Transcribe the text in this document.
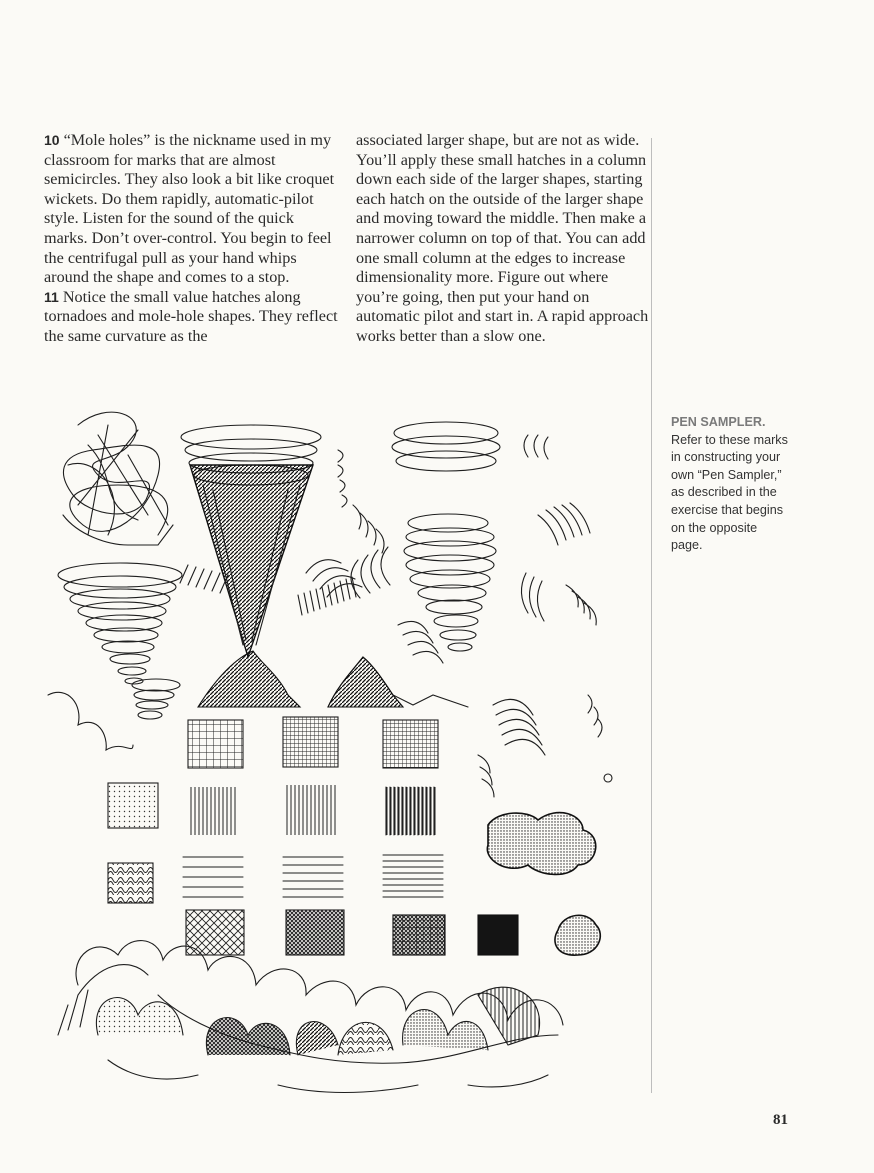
10 “Mole holes” is the nickname used in my classroom for marks that are almost semicircles. They also look a bit like croquet wickets. Do them rapidly, automatic-pilot style. Listen for the sound of the quick marks. Don’t over-control. You begin to feel the centrifugal pull as your hand whips around the shape and comes to a stop.

11 Notice the small value hatches along tornadoes and mole-hole shapes. They reflect the same curvature as the

associated larger shape, but are not as wide. You’ll apply these small hatches in a column down each side of the larger shapes, starting each hatch on the outside of the larger shape and moving toward the middle. Then make a narrower column on top of that. You can add one small column at the edges to increase dimensionality more. Figure out where you’re going, then put your hand on automatic pilot and start in. A rapid approach works better than a slow one.

PEN SAMPLER.
Refer to these marks in constructing your own “Pen Sampler,” as described in the exercise that begins on the opposite page.
81
